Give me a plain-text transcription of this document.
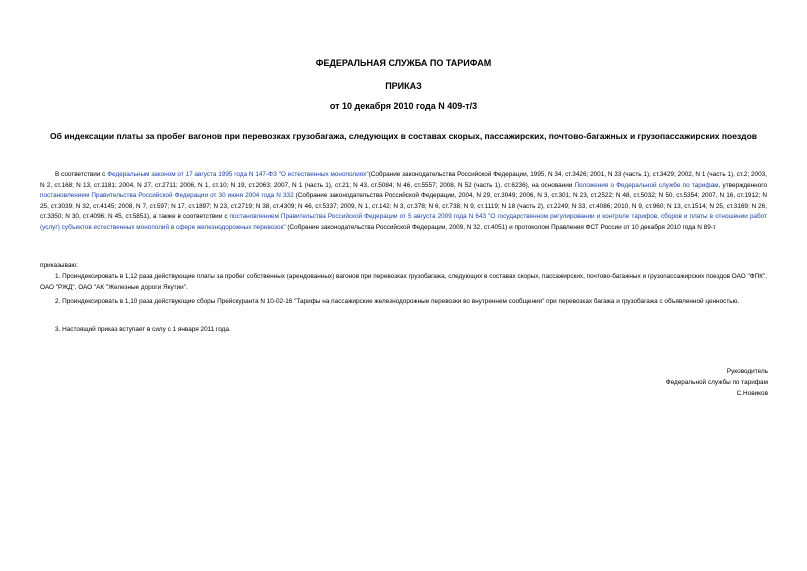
ФЕДЕРАЛЬНАЯ СЛУЖБА ПО ТАРИФАМ
ПРИКАЗ
от 10 декабря 2010 года N 409-т/3
Об индексации платы за пробег вагонов при перевозках грузобагажа, следующих в составах скорых, пассажирских, почтово-багажных и грузопассажирских поездов
В соответствии с Федеральным законом от 17 августа 1995 года N 147-ФЗ "О естественных монополиях"(Собрание законодательства Российской Федерации, 1995, N 34, ст.3426; 2001, N 33 (часть 1), ст.3429; 2002, N 1 (часть 1), ст.2; 2003, N 2, ст.168; N 13, ст.1181; 2004, N 27, ст.2711; 2006, N 1, ст.10; N 19, ст.2063; 2007, N 1 (часть 1), ст.21; N 43, ст.5084; N 46, ст.5557; 2008, N 52 (часть 1), ст.6236), на основании Положения о Федеральной службе по тарифам, утвержденного постановлением Правительства Российской Федерации от 30 июня 2004 года N 332 (Собрание законодательства Российской Федерации, 2004, N 29, ст.3049; 2006, N 3, ст.301; N 23, ст.2522; N 48, ст.5032; N 50, ст.5354; 2007, N 16, ст.1912; N 25, ст.3039; N 32, ст.4145; 2008, N 7, ст.597; N 17, ст.1897; N 23, ст.2719; N 38, ст.4309; N 46, ст.5337; 2009, N 1, ст.142; N 3, ст.378; N 6, ст.738; N 9, ст.1119; N 18 (часть 2), ст.2249; N 33, ст.4086; 2010, N 9, ст.960; N 13, ст.1514; N 25, ст.3169; N 26, ст.3350; N 30, ст.4096; N 45, ст.5851), а также в соответствии с постановлением Правительства Российской Федерации от 5 августа 2009 года N 643 "О государственном регулировании и контроле тарифов, сборов и платы в отношении работ (услуг) субъектов естественных монополий в сфере железнодорожных перевозок" (Собрание законодательства Российской Федерации, 2009, N 32, ст.4051) и протоколом Правления ФСТ России от 10 декабря 2010 года N 89-т
приказываю:
1. Проиндексировать в 1,12 раза действующие платы за пробег собственных (арендованных) вагонов при перевозках грузобагажа, следующих в составах скорых, пассажирских, почтово-багажных и грузопассажирских поездов ОАО "ФПК", ОАО "РЖД", ОАО "АК "Железные дороги Якутии".
2. Проиндексировать в 1,10 раза действующие сборы Прейскуранта N 10-02-16 "Тарифы на пассажирские железнодорожные перевозки во внутреннем сообщении" при перевозках багажа и грузобагажа с объявленной ценностью.
3. Настоящий приказ вступает в силу с 1 января 2011 года.
Руководитель
Федеральной службы по тарифам
С.Новиков
